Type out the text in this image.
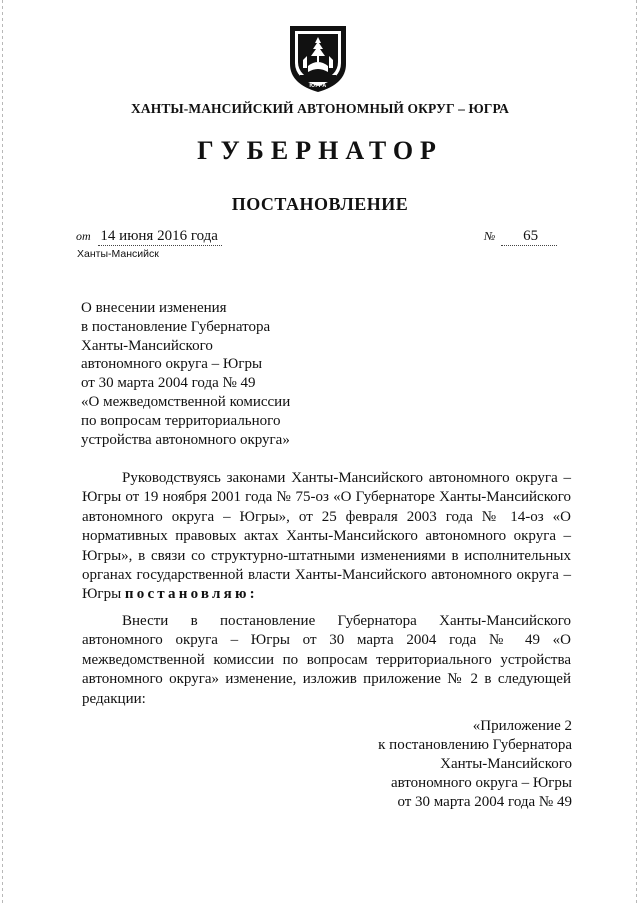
ЮГРА
ХАНТЫ-МАНСИЙСКИЙ АВТОНОМНЫЙ ОКРУГ – ЮГРА
ГУБЕРНАТОР
ПОСТАНОВЛЕНИЕ
от 14 июня 2016 года	№ 65
Ханты-Мансийск
О внесении изменения
в постановление Губернатора
Ханты-Мансийского
автономного округа – Югры
от 30 марта 2004 года № 49
«О межведомственной комиссии
по вопросам территориального
устройства автономного округа»
Руководствуясь законами Ханты-Мансийского автономного округа – Югры от 19 ноября 2001 года № 75-оз «О Губернаторе Ханты-Мансийского автономного округа – Югры», от 25 февраля 2003 года № 14-оз «О нормативных правовых актах Ханты-Мансийского автономного округа – Югры», в связи со структурно-штатными изменениями в исполнительных органах государственной власти Ханты-Мансийского автономного округа – Югры постановляю:
Внести в постановление Губернатора Ханты-Мансийского автономного округа – Югры от 30 марта 2004 года № 49 «О межведомственной комиссии по вопросам территориального устройства автономного округа» изменение, изложив приложение № 2 в следующей редакции:
«Приложение 2
к постановлению Губернатора
Ханты-Мансийского
автономного округа – Югры
от 30 марта 2004 года № 49
